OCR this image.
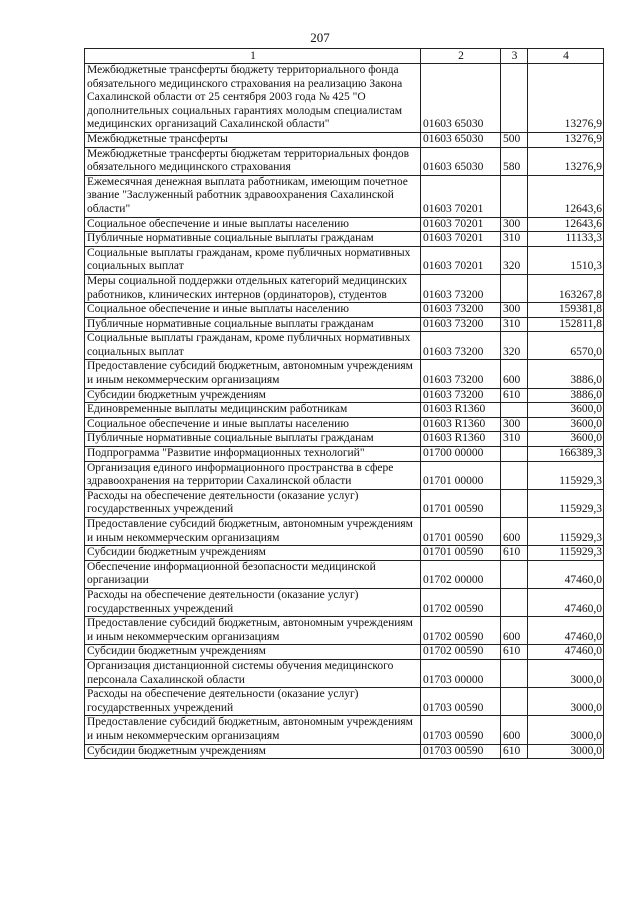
207
1	2	3	4
Межбюджетные трансферты бюджету территориального фонда обязательного медицинского страхования на реализацию Закона Сахалинской области от 25 сентября 2003 года № 425 "О дополнительных социальных гарантиях молодым специалистам медицинских организаций Сахалинской области"	01603 65030		13276,9
Межбюджетные трансферты	01603 65030	500	13276,9
Межбюджетные трансферты бюджетам территориальных фондов обязательного медицинского страхования	01603 65030	580	13276,9
Ежемесячная денежная выплата работникам, имеющим почетное звание "Заслуженный работник здравоохранения Сахалинской области"	01603 70201		12643,6
Социальное обеспечение и иные выплаты населению	01603 70201	300	12643,6
Публичные нормативные социальные выплаты гражданам	01603 70201	310	11133,3
Социальные выплаты гражданам, кроме публичных нормативных социальных выплат	01603 70201	320	1510,3
Меры социальной поддержки отдельных категорий медицинских работников, клинических интернов (ординаторов), студентов	01603 73200		163267,8
Социальное обеспечение и иные выплаты населению	01603 73200	300	159381,8
Публичные нормативные социальные выплаты гражданам	01603 73200	310	152811,8
Социальные выплаты гражданам, кроме публичных нормативных социальных выплат	01603 73200	320	6570,0
Предоставление субсидий бюджетным, автономным учреждениям и иным некоммерческим организациям	01603 73200	600	3886,0
Субсидии бюджетным учреждениям	01603 73200	610	3886,0
Единовременные выплаты медицинским работникам	01603 R1360		3600,0
Социальное обеспечение и иные выплаты населению	01603 R1360	300	3600,0
Публичные нормативные социальные выплаты гражданам	01603 R1360	310	3600,0
Подпрограмма "Развитие информационных технологий"	01700 00000		166389,3
Организация единого информационного пространства в сфере здравоохранения на территории Сахалинской области	01701 00000		115929,3
Расходы на обеспечение деятельности (оказание услуг) государственных учреждений	01701 00590		115929,3
Предоставление субсидий бюджетным, автономным учреждениям и иным некоммерческим организациям	01701 00590	600	115929,3
Субсидии бюджетным учреждениям	01701 00590	610	115929,3
Обеспечение информационной безопасности медицинской организации	01702 00000		47460,0
Расходы на обеспечение деятельности (оказание услуг) государственных учреждений	01702 00590		47460,0
Предоставление субсидий бюджетным, автономным учреждениям и иным некоммерческим организациям	01702 00590	600	47460,0
Субсидии бюджетным учреждениям	01702 00590	610	47460,0
Организация дистанционной системы обучения медицинского персонала Сахалинской области	01703 00000		3000,0
Расходы на обеспечение деятельности (оказание услуг) государственных учреждений	01703 00590		3000,0
Предоставление субсидий бюджетным, автономным учреждениям и иным некоммерческим организациям	01703 00590	600	3000,0
Субсидии бюджетным учреждениям	01703 00590	610	3000,0
